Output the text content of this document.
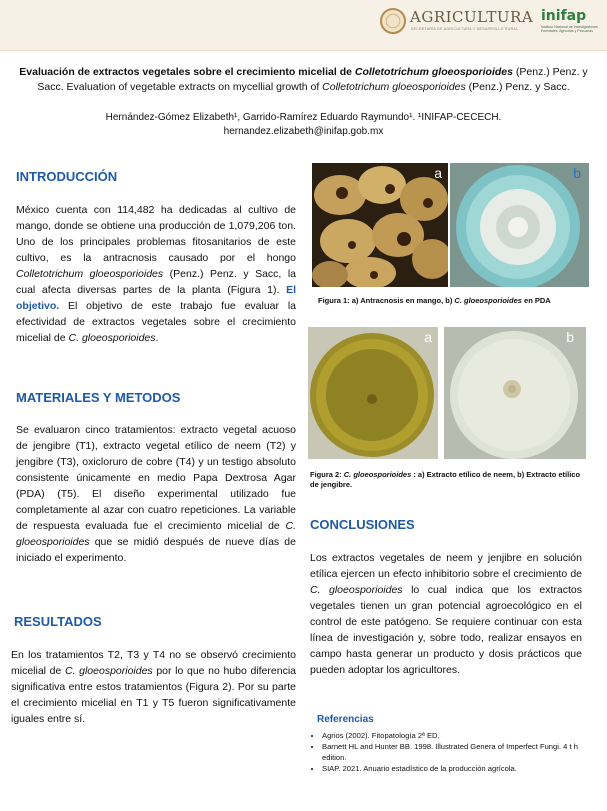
AGRICULTURA
SECRETARÍA DE AGRICULTURA Y DESARROLLO RURAL
inifap
Instituto Nacional de Investigaciones Forestales, Agrícolas y Pecuarias
Evaluación de extractos vegetales sobre el crecimiento micelial de Colletotrichum gloeosporioides (Penz.) Penz. y Sacc. Evaluation of vegetable extracts on mycellial growth of Colletotrichum gloeosporioides (Penz.) Penz. y Sacc.
Hernández-Gómez Elizabeth¹, Garrido-Ramírez Eduardo Raymundo¹. ¹INIFAP-CECECH.
hernandez.elizabeth@inifap.gob.mx
INTRODUCCIÓN
México cuenta con 114,482 ha dedicadas al cultivo de mango, donde se obtiene una producción de 1,079,206 ton. Uno de los principales problemas fitosanitarios de este cultivo, es la antracnosis causado por el hongo Colletotrichum gloeosporioides (Penz.) Penz. y Sacc, la cual afecta diversas partes de la planta (Figura 1). El objetivo. El objetivo de este trabajo fue evaluar la efectividad de extractos vegetales sobre el crecimiento micelial de C. gloeosporioides.
MATERIALES Y METODOS
Se evaluaron cinco tratamientos: extracto vegetal acuoso de jengibre (T1), extracto vegetal etílico de neem (T2) y jengibre (T3), oxicloruro de cobre (T4) y un testigo absoluto consistente únicamente en medio Papa Dextrosa Agar (PDA) (T5). El diseño experimental utilizado fue completamente al azar con cuatro repeticiones. La variable de respuesta evaluada fue el crecimiento micelial de C. gloeosporioides que se midió después de nueve días de iniciado el experimento.
RESULTADOS
En los tratamientos T2, T3 y T4 no se observó crecimiento micelial de C. gloeosporioides por lo que no hubo diferencia significativa entre estos tratamientos (Figura 2). Por su parte el crecimiento micelial en T1 y T5 fueron significativamente iguales entre sí.
a	b
Figura 1: a) Antracnosis en mango, b) C. gloeosporioides en PDA
a	b
Figura 2: C. gloeosporioides : a) Extracto etílico de neem, b) Extracto etílico de jengibre.
CONCLUSIONES
Los extractos vegetales de neem y jenjibre en solución etílica ejercen un efecto inhibitorio sobre el crecimiento de C. gloeosporioides lo cual indica que los extractos vegetales tienen un gran potencial agroecológico en el control de este patógeno. Se requiere continuar con esta línea de investigación y, sobre todo, realizar ensayos en campo hasta generar un producto y dosis prácticos que pueden adoptar los agricultores.
Referencias
• Agrios (2002). Fitopatología 2ª ED.
• Barnett HL and Hunter BB. 1998. Illustrated Genera of Imperfect Fungi. 4 t h edition.
• SIAP. 2021. Anuario estadístico de la producción agrícola.
